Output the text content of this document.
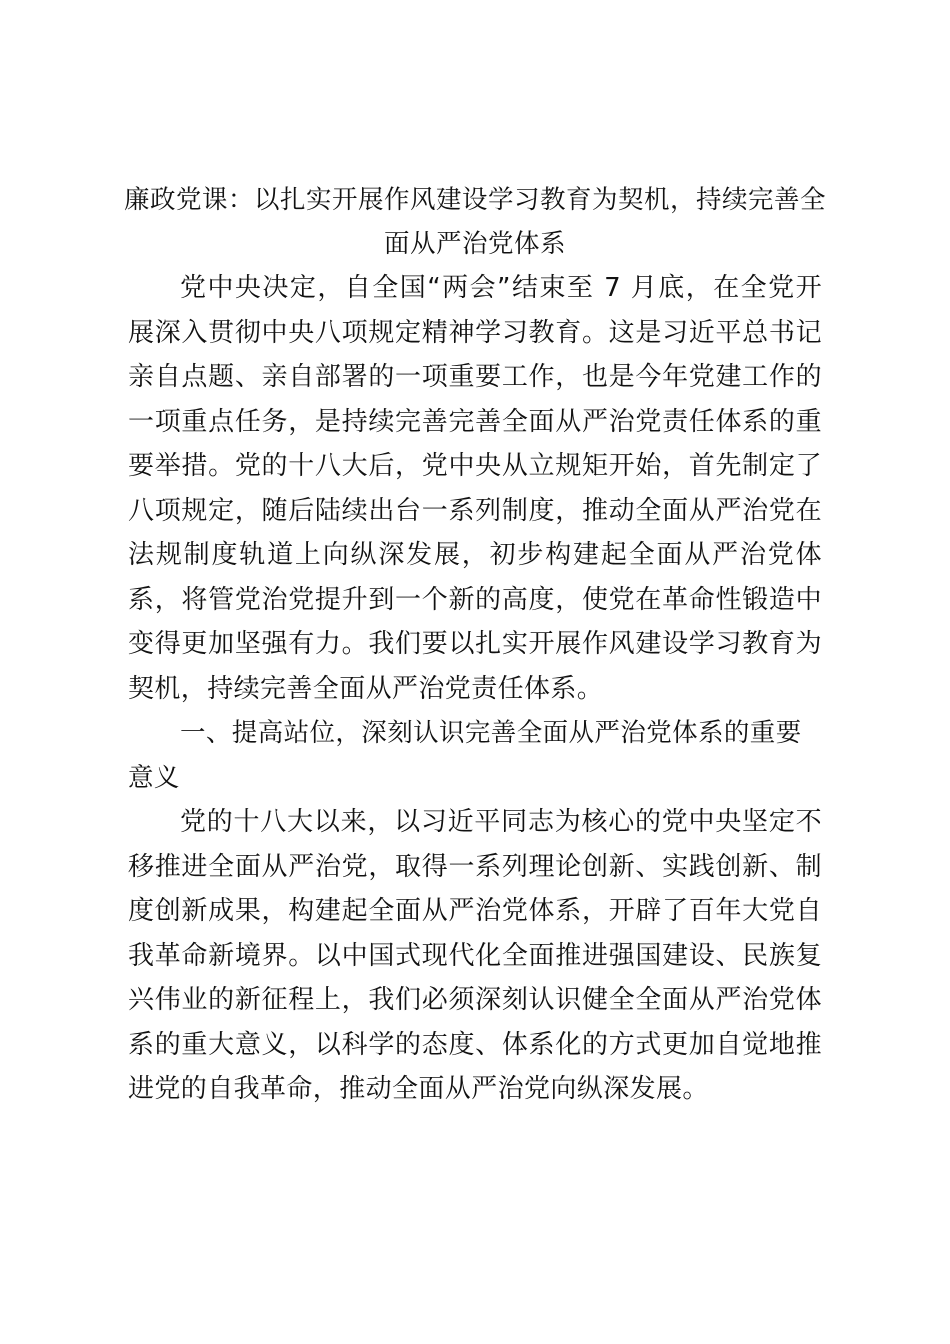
廉政党课：以扎实开展作风建设学习教育为契机，持续完善全
面从严治党体系

党中央决定，自全国“两会”结束至 7 月底，在全党开展深入贯彻中央八项规定精神学习教育。这是习近平总书记亲自点题、亲自部署的一项重要工作，也是今年党建工作的一项重点任务，是持续完善完善全面从严治党责任体系的重要举措。党的十八大后，党中央从立规矩开始，首先制定了八项规定，随后陆续出台一系列制度，推动全面从严治党在法规制度轨道上向纵深发展，初步构建起全面从严治党体系，将管党治党提升到一个新的高度，使党在革命性锻造中变得更加坚强有力。我们要以扎实开展作风建设学习教育为契机，持续完善全面从严治党责任体系。

一、提高站位，深刻认识完善全面从严治党体系的重要意义

党的十八大以来，以习近平同志为核心的党中央坚定不移推进全面从严治党，取得一系列理论创新、实践创新、制度创新成果，构建起全面从严治党体系，开辟了百年大党自我革命新境界。以中国式现代化全面推进强国建设、民族复兴伟业的新征程上，我们必须深刻认识健全全面从严治党体系的重大意义，以科学的态度、体系化的方式更加自觉地推进党的自我革命，推动全面从严治党向纵深发展。
